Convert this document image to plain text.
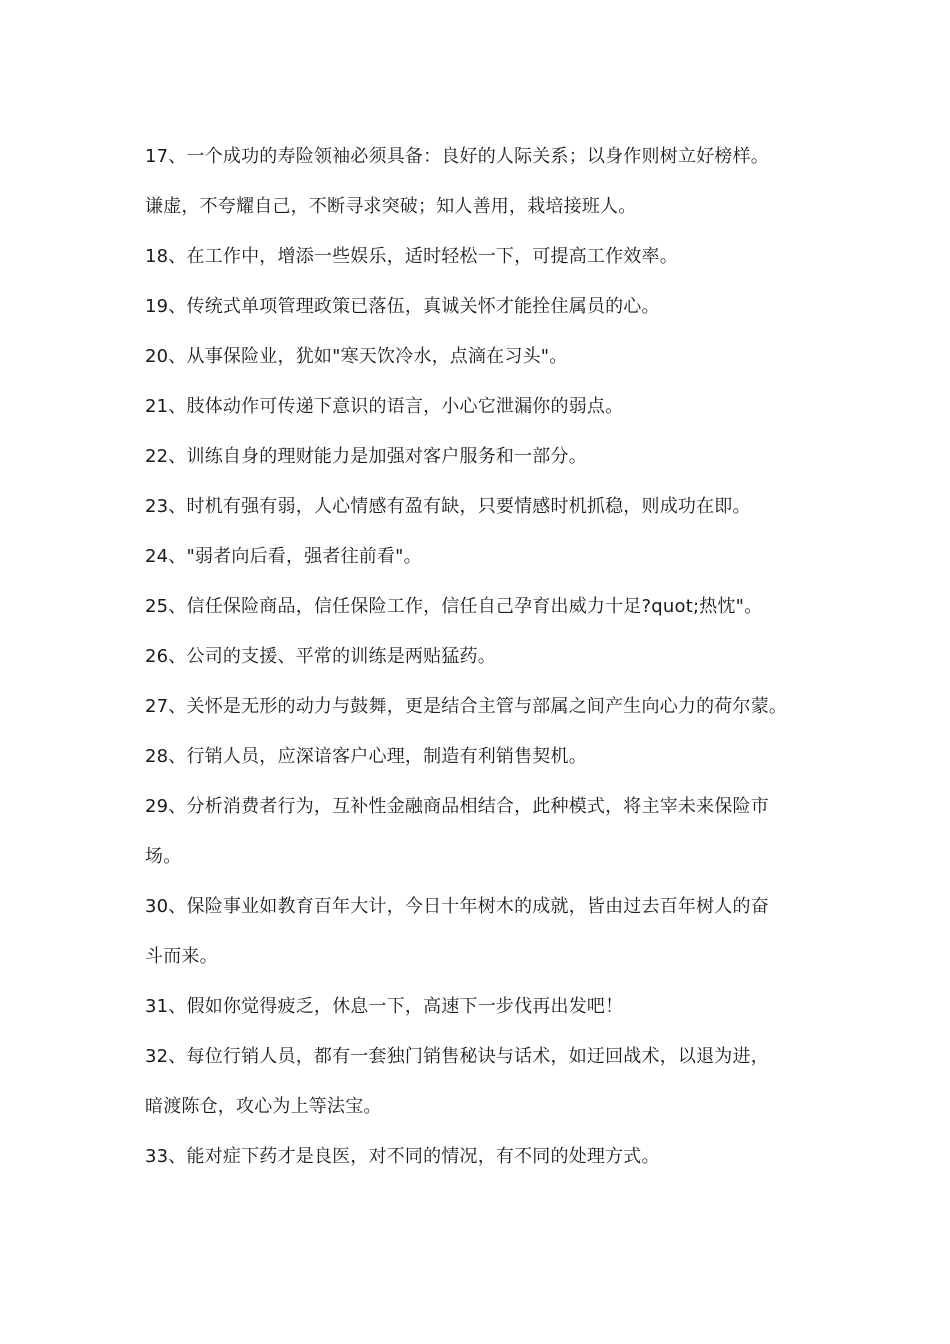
17、一个成功的寿险领袖必须具备：良好的人际关系；以身作则树立好榜样。
谦虚，不夸耀自己，不断寻求突破；知人善用，栽培接班人。
18、在工作中，增添一些娱乐，适时轻松一下，可提高工作效率。
19、传统式单项管理政策已落伍，真诚关怀才能拴住属员的心。
20、从事保险业，犹如"寒天饮冷水，点滴在习头"。
21、肢体动作可传递下意识的语言，小心它泄漏你的弱点。
22、训练自身的理财能力是加强对客户服务和一部分。
23、时机有强有弱，人心情感有盈有缺，只要情感时机抓稳，则成功在即。
24、"弱者向后看，强者往前看"。
25、信任保险商品，信任保险工作，信任自己孕育出威力十足?quot;热忱"。
26、公司的支援、平常的训练是两贴猛药。
27、关怀是无形的动力与鼓舞，更是结合主管与部属之间产生向心力的荷尔蒙。
28、行销人员，应深谙客户心理，制造有利销售契机。
29、分析消费者行为，互补性金融商品相结合，此种模式，将主宰未来保险市
场。
30、保险事业如教育百年大计，今日十年树木的成就，皆由过去百年树人的奋
斗而来。
31、假如你觉得疲乏，休息一下，高速下一步伐再出发吧！
32、每位行销人员，都有一套独门销售秘诀与话术，如迂回战术，以退为进，
暗渡陈仓，攻心为上等法宝。
33、能对症下药才是良医，对不同的情况，有不同的处理方式。
